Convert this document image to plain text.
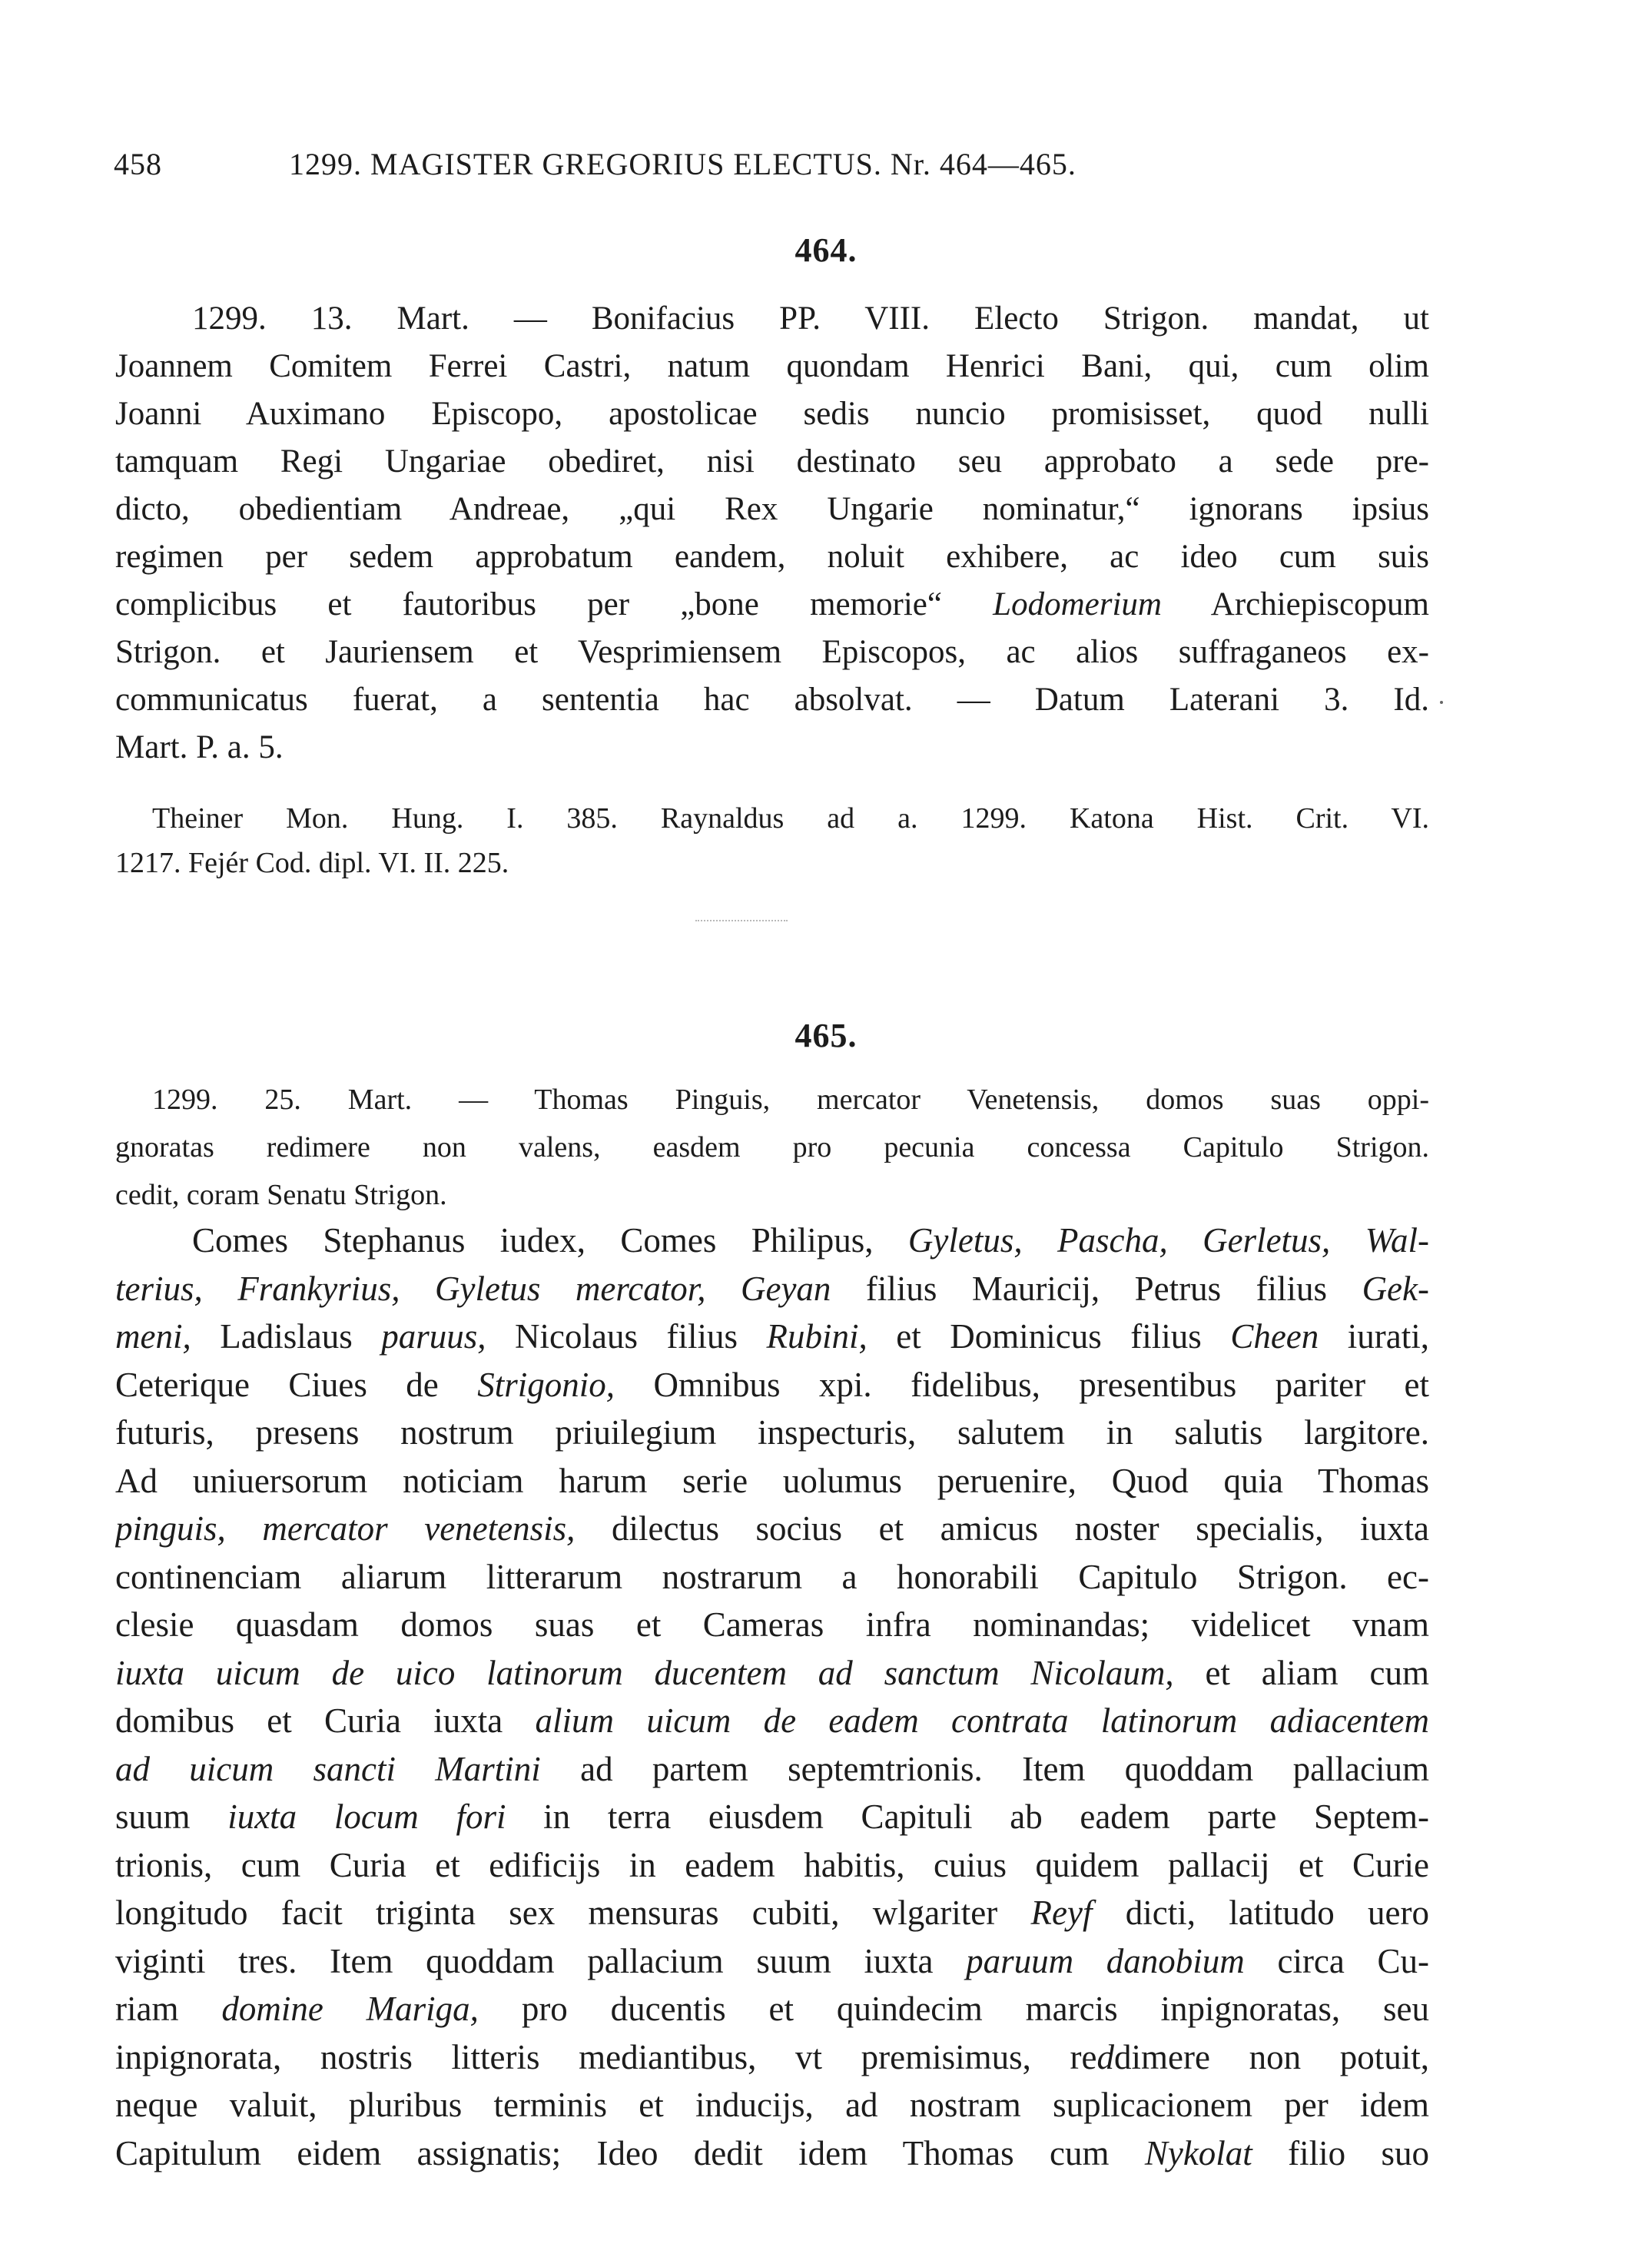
458	1299. MAGISTER GREGORIUS ELECTUS. Nr. 464—465.
464.
1299. 13. Mart. — Bonifacius PP. VIII. Electo Strigon. mandat, ut
Joannem Comitem Ferrei Castri, natum quondam Henrici Bani, qui, cum olim
Joanni Auximano Episcopo, apostolicae sedis nuncio promisisset, quod nulli
tamquam Regi Ungariae obediret, nisi destinato seu approbato a sede pre-
dicto, obedientiam Andreae, „qui Rex Ungarie nominatur,“ ignorans ipsius
regimen per sedem approbatum eandem, noluit exhibere, ac ideo cum suis
complicibus et fautoribus per „bone memorie“ Lodomerium Archiepiscopum
Strigon. et Jauriensem et Vesprimiensem Episcopos, ac alios suffraganeos ex-
communicatus fuerat, a sententia hac absolvat. — Datum Laterani 3. Id.
Mart. P. a. 5.
Theiner Mon. Hung. I. 385. Raynaldus ad a. 1299. Katona Hist. Crit. VI.
1217. Fejér Cod. dipl. VI. II. 225.
465.
1299. 25. Mart. — Thomas Pinguis, mercator Venetensis, domos suas oppi-
gnoratas redimere non valens, easdem pro pecunia concessa Capitulo Strigon.
cedit, coram Senatu Strigon.
Comes Stephanus iudex, Comes Philipus, Gyletus, Pascha, Gerletus, Wal-
terius, Frankyrius, Gyletus mercator, Geyan filius Mauricij, Petrus filius Gek-
meni, Ladislaus paruus, Nicolaus filius Rubini, et Dominicus filius Cheen iurati,
Ceterique Ciues de Strigonio, Omnibus xpi. fidelibus, presentibus pariter et
futuris, presens nostrum priuilegium inspecturis, salutem in salutis largitore.
Ad uniuersorum noticiam harum serie uolumus peruenire, Quod quia Thomas
pinguis, mercator venetensis, dilectus socius et amicus noster specialis, iuxta
continenciam aliarum litterarum nostrarum a honorabili Capitulo Strigon. ec-
clesie quasdam domos suas et Cameras infra nominandas; videlicet vnam
iuxta uicum de uico latinorum ducentem ad sanctum Nicolaum, et aliam cum
domibus et Curia iuxta alium uicum de eadem contrata latinorum adiacentem
ad uicum sancti Martini ad partem septemtrionis. Item quoddam pallacium
suum iuxta locum fori in terra eiusdem Capituli ab eadem parte Septem-
trionis, cum Curia et edificijs in eadem habitis, cuius quidem pallacij et Curie
longitudo facit triginta sex mensuras cubiti, wlgariter Reyf dicti, latitudo uero
viginti tres. Item quoddam pallacium suum iuxta paruum danobium circa Cu-
riam domine Mariga, pro ducentis et quindecim marcis inpignoratas, seu
inpignorata, nostris litteris mediantibus, vt premisimus, reddimere non potuit,
neque valuit, pluribus terminis et inducijs, ad nostram suplicacionem per idem
Capitulum eidem assignatis; Ideo dedit idem Thomas cum Nykolat filio suo
